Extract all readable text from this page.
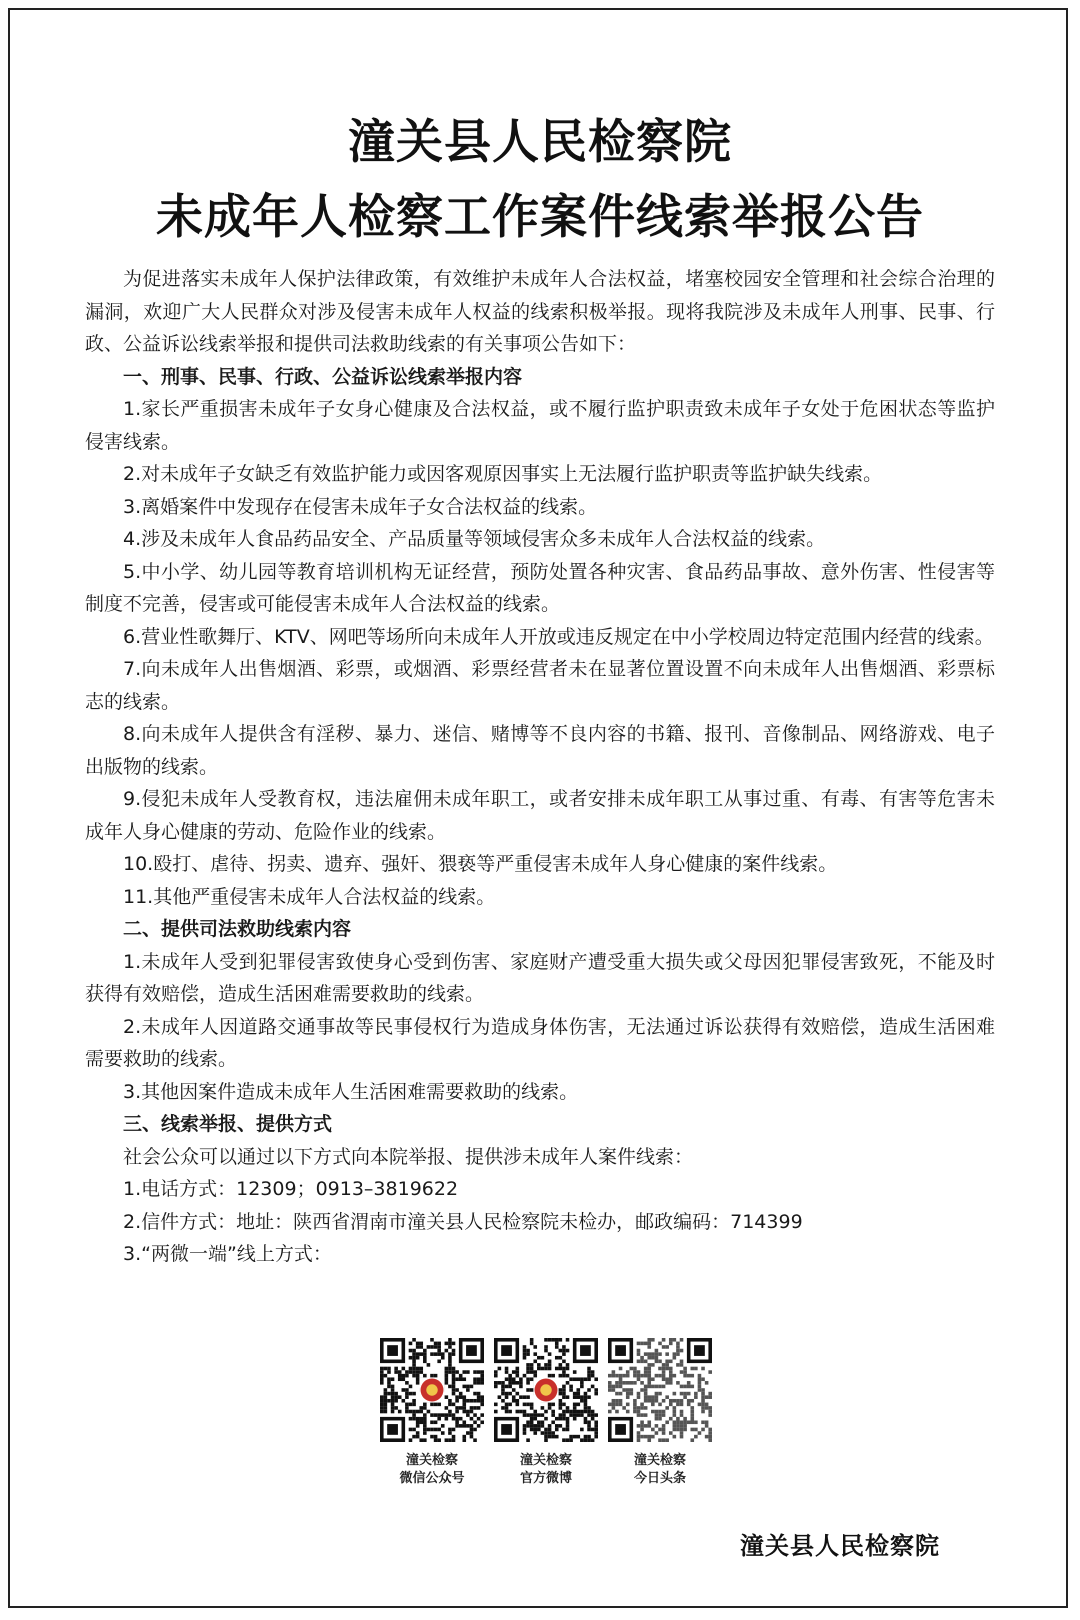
潼关县人民检察院
未成年人检察工作案件线索举报公告

为促进落实未成年人保护法律政策，有效维护未成年人合法权益，堵塞校园安全管理和社会综合治理的漏洞，欢迎广大人民群众对涉及侵害未成年人权益的线索积极举报。现将我院涉及未成年人刑事、民事、行政、公益诉讼线索举报和提供司法救助线索的有关事项公告如下：

一、刑事、民事、行政、公益诉讼线索举报内容

1.家长严重损害未成年子女身心健康及合法权益，或不履行监护职责致未成年子女处于危困状态等监护侵害线索。

2.对未成年子女缺乏有效监护能力或因客观原因事实上无法履行监护职责等监护缺失线索。

3.离婚案件中发现存在侵害未成年子女合法权益的线索。

4.涉及未成年人食品药品安全、产品质量等领域侵害众多未成年人合法权益的线索。

5.中小学、幼儿园等教育培训机构无证经营，预防处置各种灾害、食品药品事故、意外伤害、性侵害等制度不完善，侵害或可能侵害未成年人合法权益的线索。

6.营业性歌舞厅、KTV、网吧等场所向未成年人开放或违反规定在中小学校周边特定范围内经营的线索。

7.向未成年人出售烟酒、彩票，或烟酒、彩票经营者未在显著位置设置不向未成年人出售烟酒、彩票标志的线索。

8.向未成年人提供含有淫秽、暴力、迷信、赌博等不良内容的书籍、报刊、音像制品、网络游戏、电子出版物的线索。

9.侵犯未成年人受教育权，违法雇佣未成年职工，或者安排未成年职工从事过重、有毒、有害等危害未成年人身心健康的劳动、危险作业的线索。

10.殴打、虐待、拐卖、遗弃、强奸、猥亵等严重侵害未成年人身心健康的案件线索。

11.其他严重侵害未成年人合法权益的线索。

二、提供司法救助线索内容

1.未成年人受到犯罪侵害致使身心受到伤害、家庭财产遭受重大损失或父母因犯罪侵害致死，不能及时获得有效赔偿，造成生活困难需要救助的线索。

2.未成年人因道路交通事故等民事侵权行为造成身体伤害，无法通过诉讼获得有效赔偿，造成生活困难需要救助的线索。

3.其他因案件造成未成年人生活困难需要救助的线索。

三、线索举报、提供方式

社会公众可以通过以下方式向本院举报、提供涉未成年人案件线索：

1.电话方式：12309；0913–3819622

2.信件方式：地址：陕西省渭南市潼关县人民检察院未检办，邮政编码：714399

3.“两微一端”线上方式：

潼关检察
微信公众号
潼关检察
官方微博
潼关检察
今日头条
潼关县人民检察院
